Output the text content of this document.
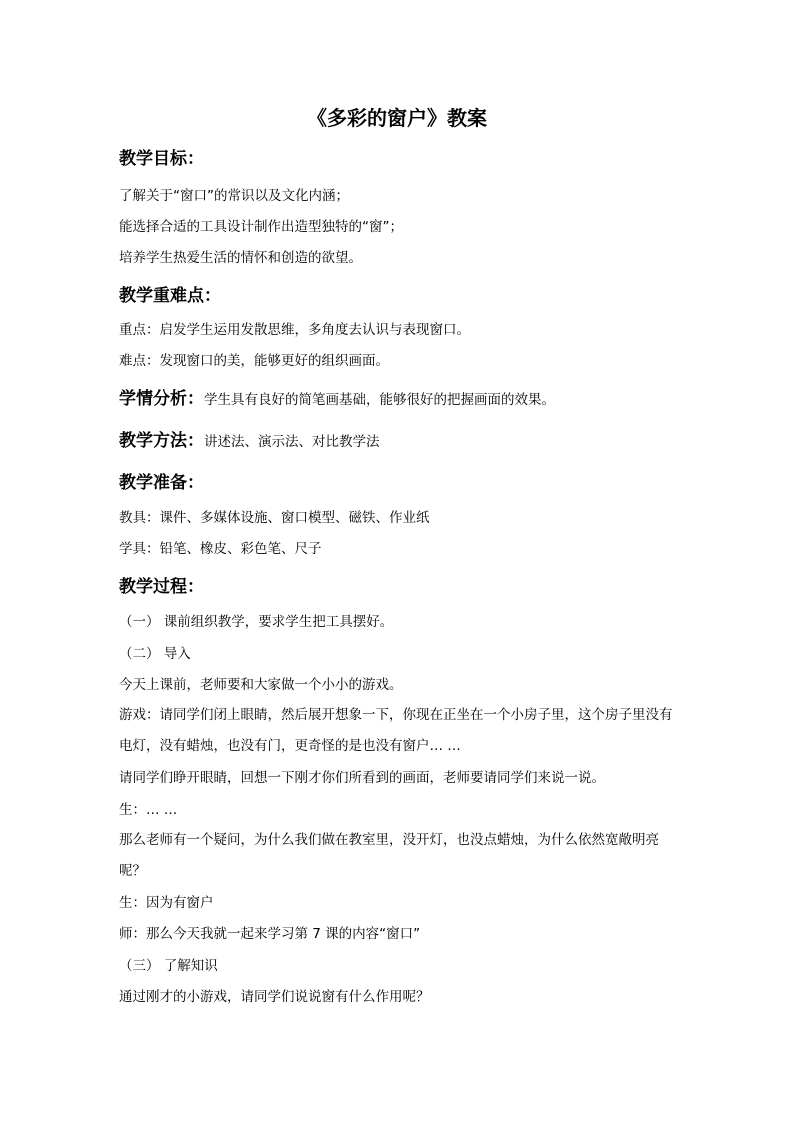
《多彩的窗户》教案
教学目标：
了解关于“窗口”的常识以及文化内涵；
能选择合适的工具设计制作出造型独特的“窗”；
培养学生热爱生活的情怀和创造的欲望。
教学重难点：
重点：启发学生运用发散思维，多角度去认识与表现窗口。
难点：发现窗口的美，能够更好的组织画面。
学情分析：学生具有良好的简笔画基础，能够很好的把握画面的效果。
教学方法：讲述法、演示法、对比教学法
教学准备：
教具：课件、多媒体设施、窗口模型、磁铁、作业纸
学具：铅笔、橡皮、彩色笔、尺子
教学过程：
（一） 课前组织教学，要求学生把工具摆好。
（二） 导入
今天上课前，老师要和大家做一个小小的游戏。
游戏：请同学们闭上眼睛，然后展开想象一下，你现在正坐在一个小房子里，这个房子里没有电灯，没有蜡烛，也没有门，更奇怪的是也没有窗户… …
请同学们睁开眼睛，回想一下刚才你们所看到的画面，老师要请同学们来说一说。
生：… …
那么老师有一个疑问，为什么我们做在教室里，没开灯，也没点蜡烛，为什么依然宽敞明亮呢？
生：因为有窗户
师：那么今天我就一起来学习第 7 课的内容“窗口”
（三） 了解知识
通过刚才的小游戏，请同学们说说窗有什么作用呢？
